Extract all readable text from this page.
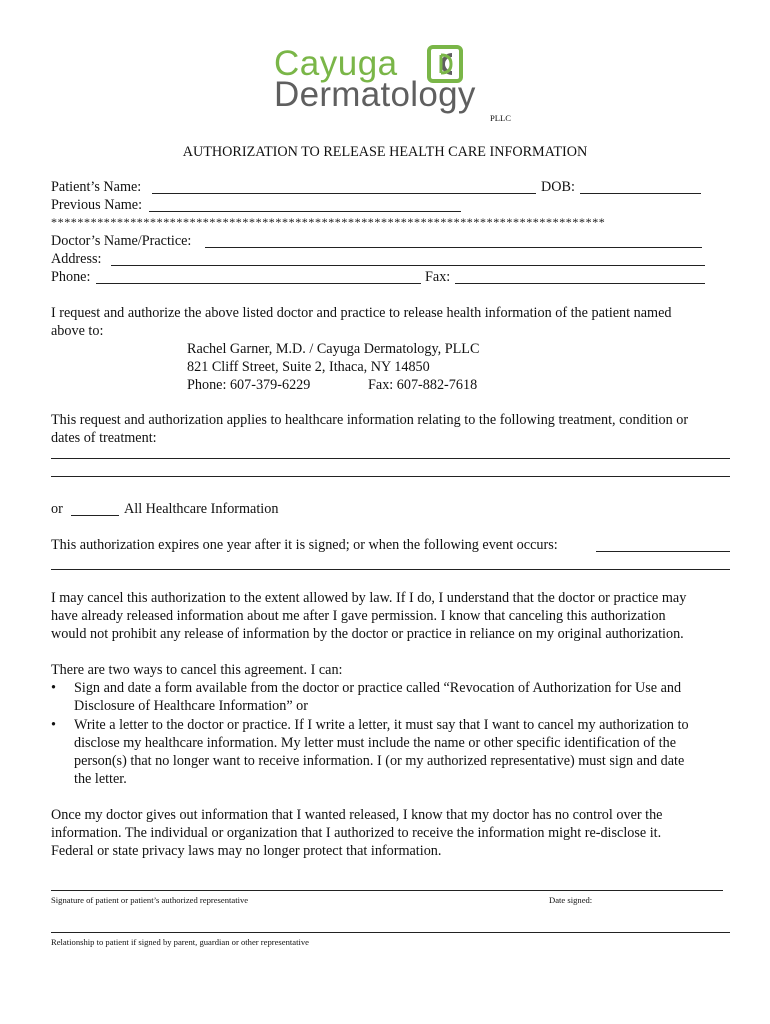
Cayuga
Dermatology
PLLC
AUTHORIZATION TO RELEASE HEALTH CARE INFORMATION
Patient’s Name:	DOB:
Previous Name:
************************************************************************************
Doctor’s Name/Practice:
Address:
Phone:	Fax:
I request and authorize the above listed doctor and practice to release health information of the patient named
above to:
Rachel Garner, M.D. / Cayuga Dermatology, PLLC
821 Cliff Street, Suite 2, Ithaca, NY 14850
Phone: 607-379-6229	Fax: 607-882-7618
This request and authorization applies to healthcare information relating to the following treatment, condition or
dates of treatment:
or	All Healthcare Information
This authorization expires one year after it is signed; or when the following event occurs:
I may cancel this authorization to the extent allowed by law. If I do, I understand that the doctor or practice may
have already released information about me after I gave permission. I know that canceling this authorization
would not prohibit any release of information by the doctor or practice in reliance on my original authorization.
There are two ways to cancel this agreement. I can:
• Sign and date a form available from the doctor or practice called “Revocation of Authorization for Use and
Disclosure of Healthcare Information” or
• Write a letter to the doctor or practice. If I write a letter, it must say that I want to cancel my authorization to
disclose my healthcare information. My letter must include the name or other specific identification of the
person(s) that no longer want to receive information. I (or my authorized representative) must sign and date
the letter.
Once my doctor gives out information that I wanted released, I know that my doctor has no control over the
information. The individual or organization that I authorized to receive the information might re-disclose it.
Federal or state privacy laws may no longer protect that information.
Signature of patient or patient’s authorized representative	Date signed:
Relationship to patient if signed by parent, guardian or other representative
